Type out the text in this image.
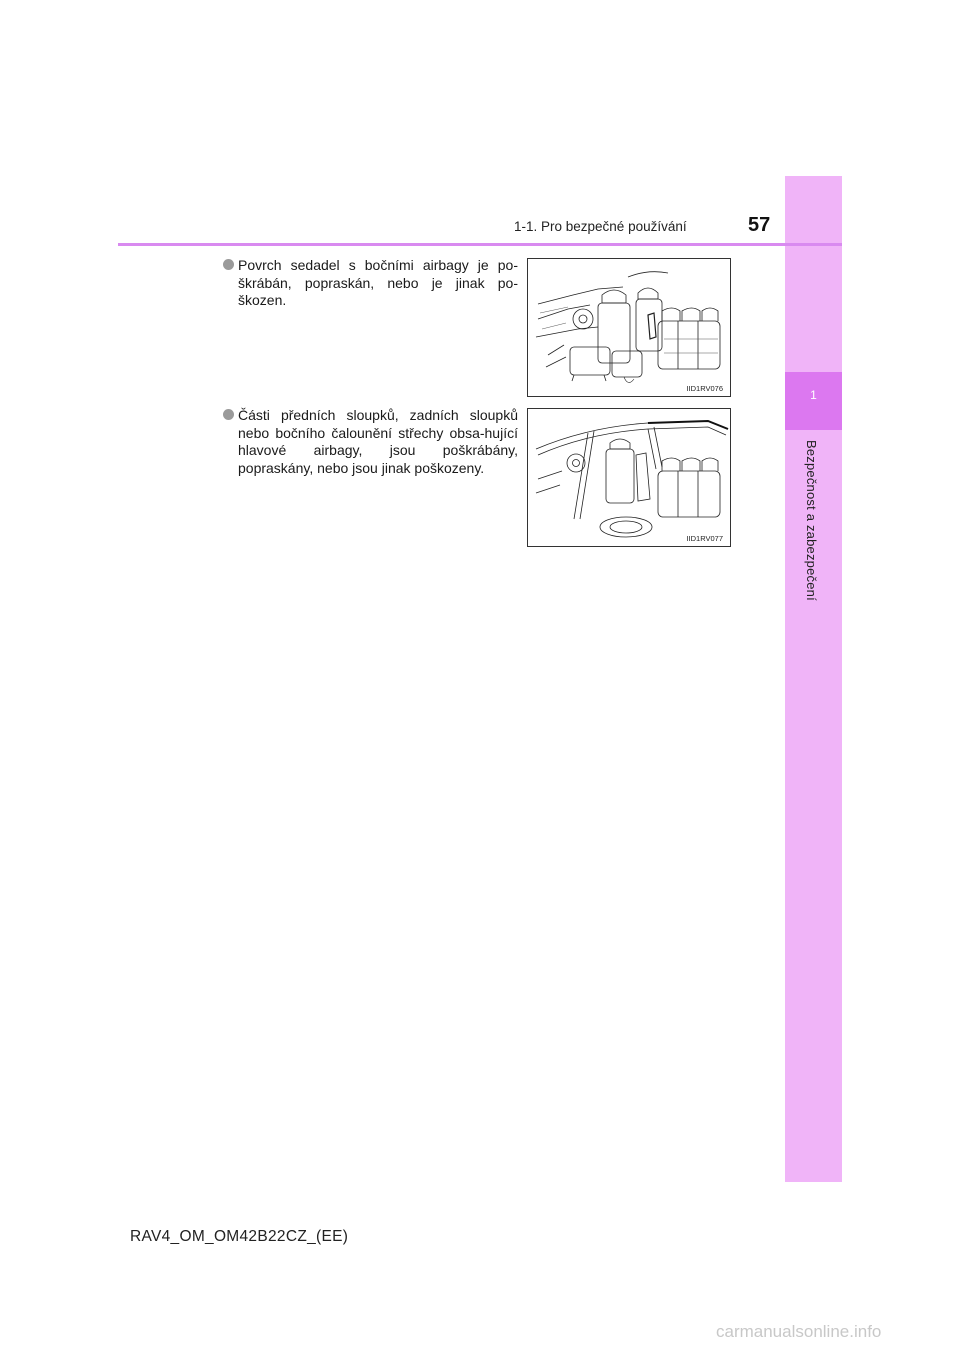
1
Bezpečnost a zabezpečení
1-1. Pro bezpečné používání	57
Povrch sedadel s bočními airbagy je po-škrábán, popraskán, nebo je jinak po-škozen.
IID1RV076
Části předních sloupků, zadních sloupků nebo bočního čalounění střechy obsa-hující hlavové airbagy, jsou poškrábány, popraskány, nebo jsou jinak poškozeny.
IID1RV077
RAV4_OM_OM42B22CZ_(EE)
carmanualsonline.info
